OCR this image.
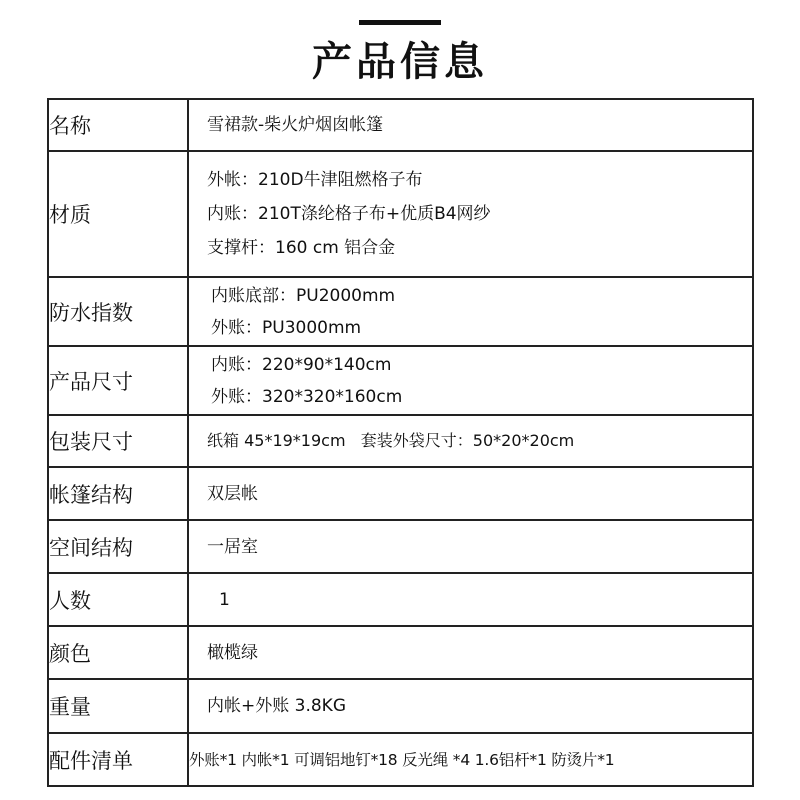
产品信息
名称	雪裙款-柴火炉烟囱帐篷

材质	外帐：210D牛津阻燃格子布
内账：210T涤纶格子布+优质B4网纱
支撑杆：160 cm 铝合金

防水指数	内账底部：PU2000mm
外账：PU3000mm

产品尺寸	内账：220*90*140cm
外账：320*320*160cm

包装尺寸	纸箱 45*19*19cm   套装外袋尺寸：50*20*20cm

帐篷结构	双层帐

空间结构	一居室

人数	1

颜色	橄榄绿

重量	内帐+外账 3.8KG

配件清单	外账*1 内帐*1 可调铝地钉*18 反光绳 *4 1.6铝杆*1 防烫片*1
